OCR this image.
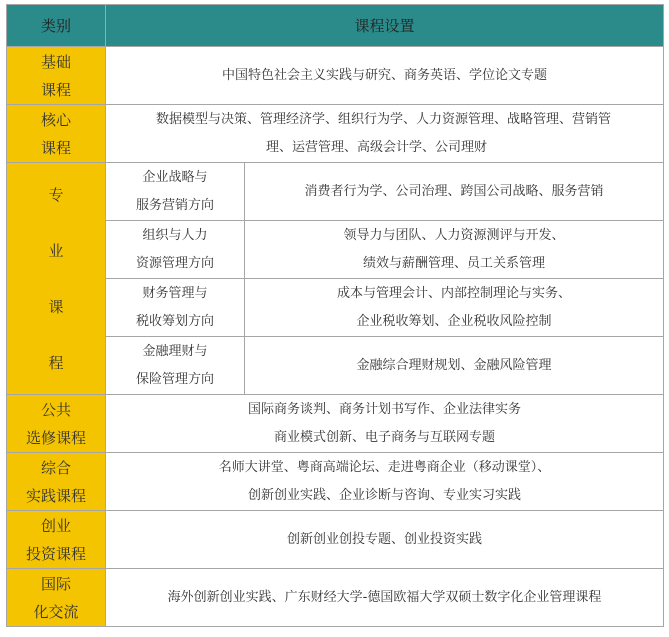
类别	课程设置	

基础
课程	中国特色社会主义实践与研究、商务英语、学位论文专题	

核心
课程	数据模型与决策、管理经济学、组织行为学、人力资源管理、战略管理、营销管
理、运营管理、高级会计学、公司理财	

专
业
课
程	企业战略与
服务营销方向	消费者行为学、公司治理、跨国公司战略、服务营销

	组织与人力
资源管理方向	领导力与团队、人力资源测评与开发、
绩效与薪酬管理、员工关系管理

	财务管理与
税收筹划方向	成本与管理会计、内部控制理论与实务、
企业税收筹划、企业税收风险控制

	金融理财与
保险管理方向	金融综合理财规划、金融风险管理

公共
选修课程	国际商务谈判、商务计划书写作、企业法律实务
商业模式创新、电子商务与互联网专题	

综合
实践课程	名师大讲堂、粤商高端论坛、走进粤商企业（移动课堂）、
创新创业实践、企业诊断与咨询、专业实习实践	

创业
投资课程	创新创业创投专题、创业投资实践	

国际
化交流	海外创新创业实践、广东财经大学-德国欧福大学双硕士数字化企业管理课程	
